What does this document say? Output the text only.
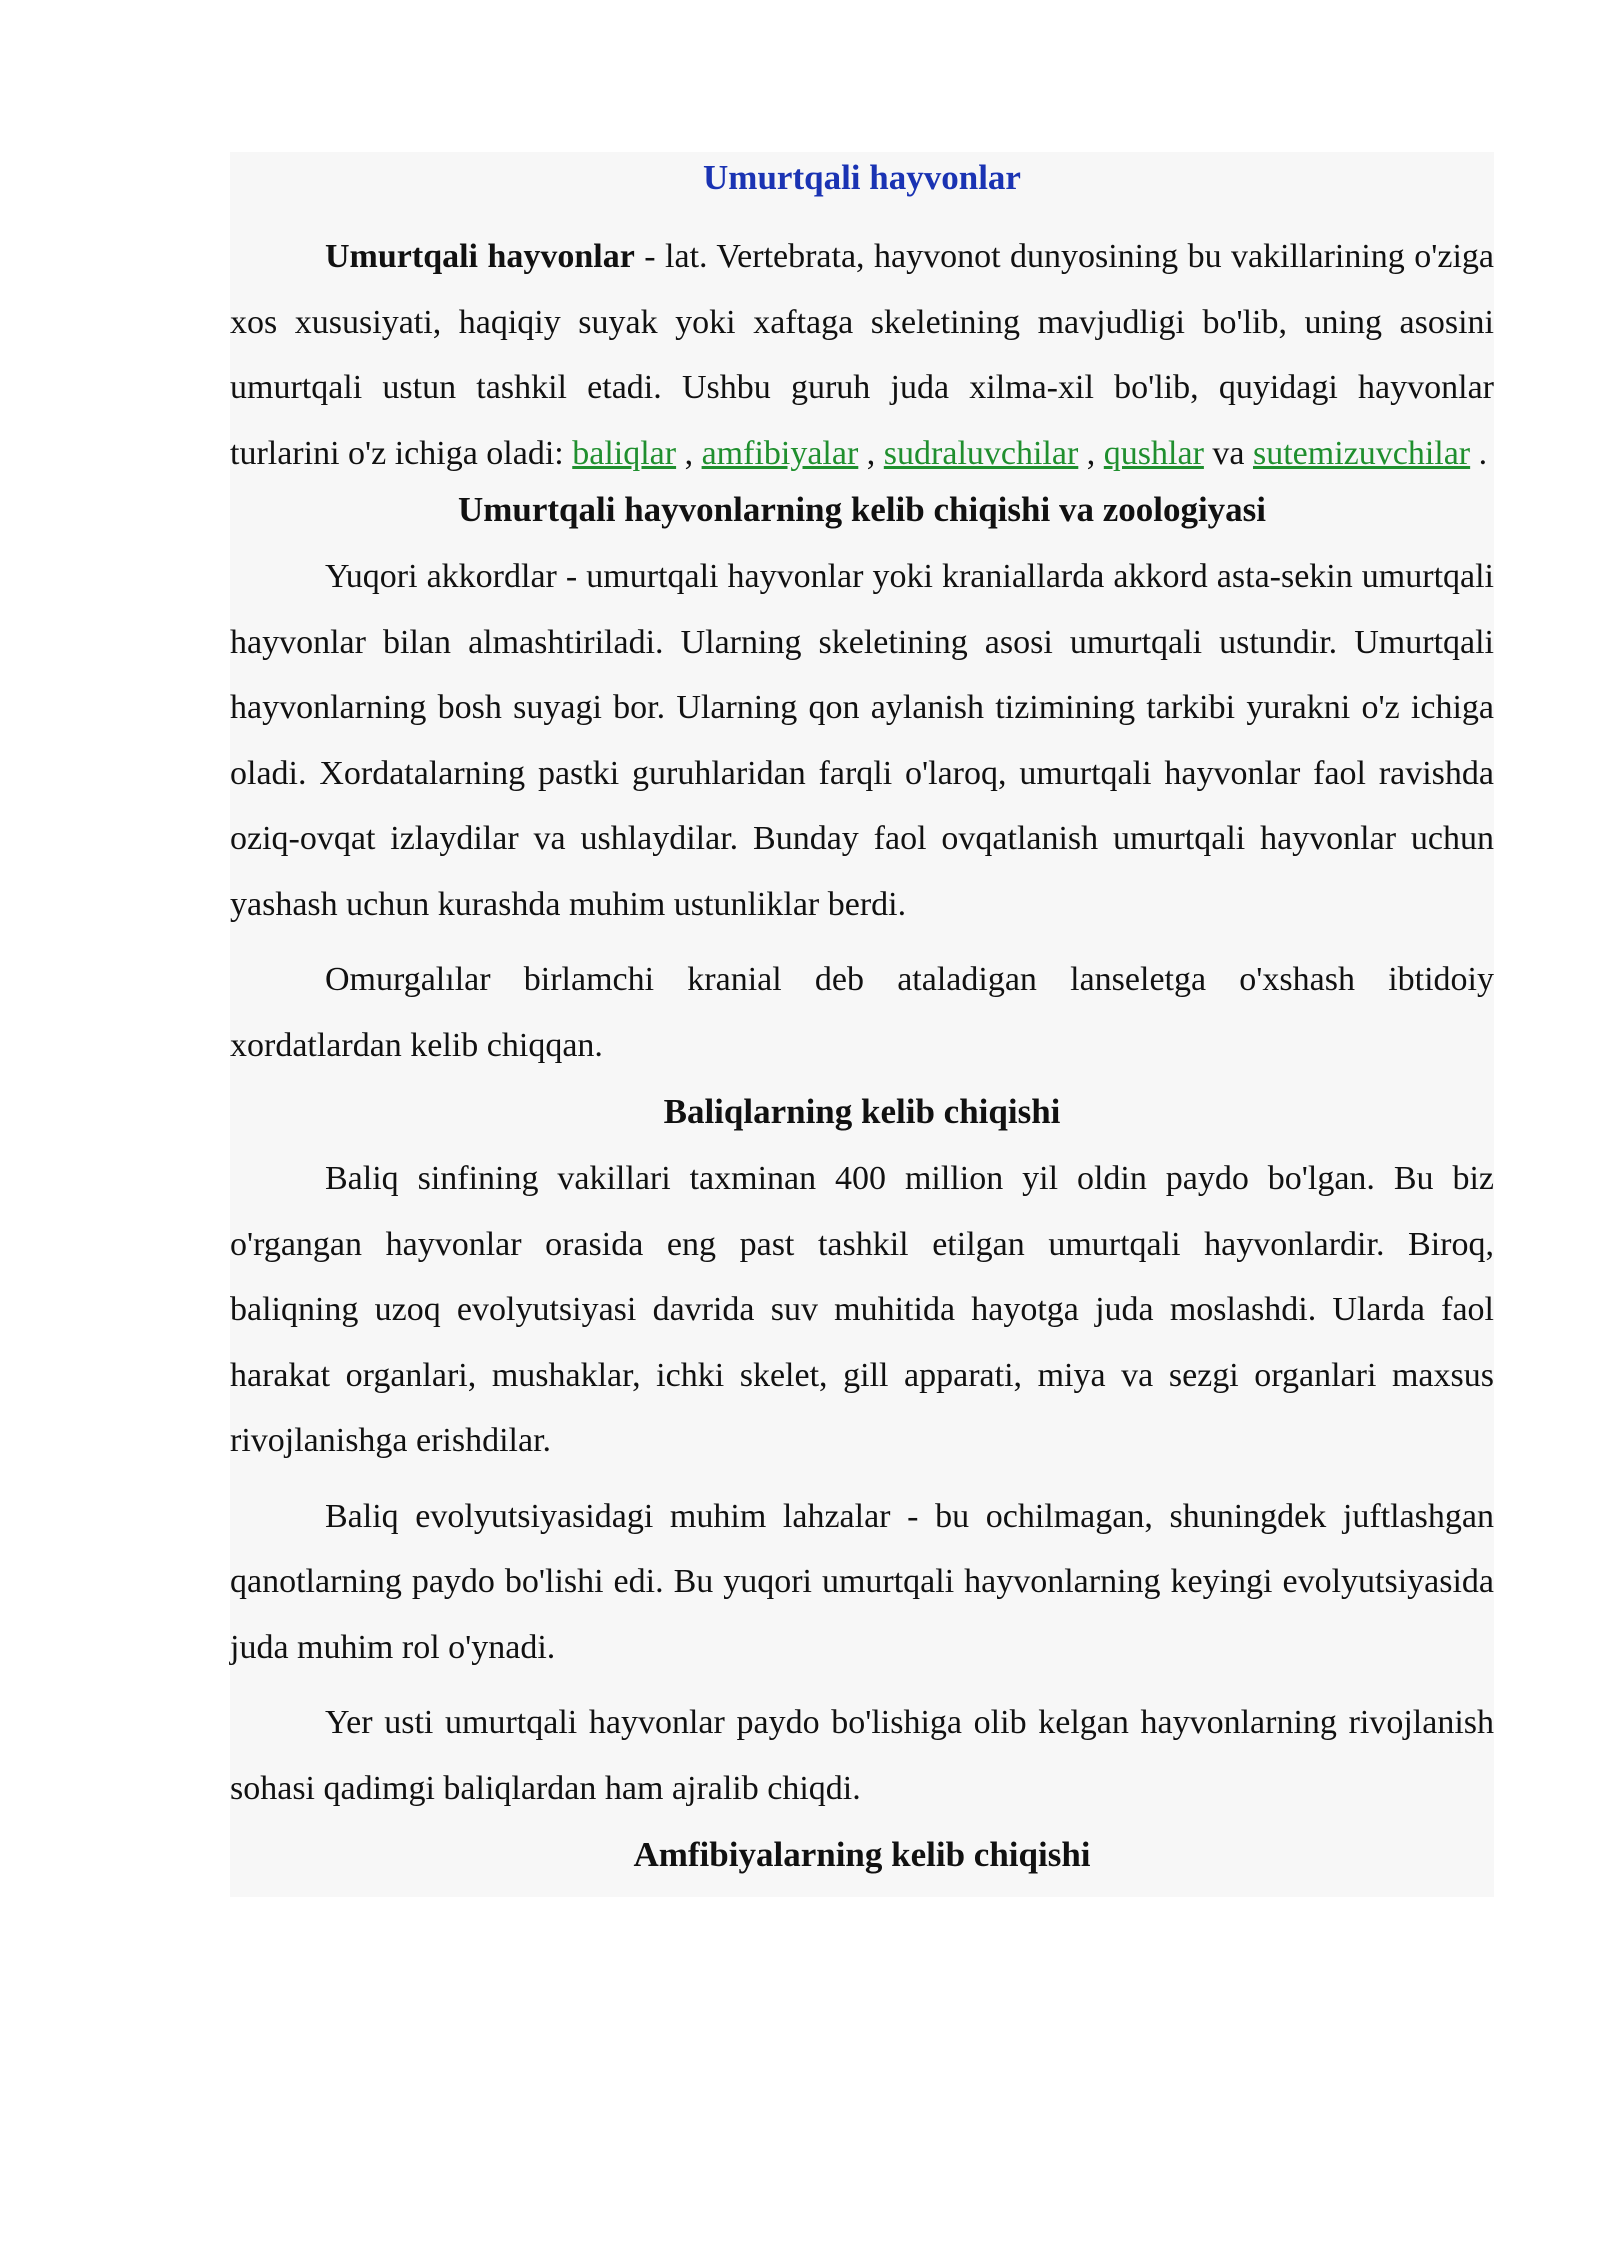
Umurtqali hayvonlar

Umurtqali hayvonlar - lat. Vertebrata, hayvonot dunyosining bu vakillarining o'ziga xos xususiyati, haqiqiy suyak yoki xaftaga skeletining mavjudligi bo'lib, uning asosini umurtqali ustun tashkil etadi. Ushbu guruh juda xilma-xil bo'lib, quyidagi hayvonlar turlarini o'z ichiga oladi: baliqlar , amfibiyalar , sudraluvchilar , qushlar va sutemizuvchilar .

Umurtqali hayvonlarning kelib chiqishi va zoologiyasi

Yuqori akkordlar - umurtqali hayvonlar yoki kraniallarda akkord asta-sekin umurtqali hayvonlar bilan almashtiriladi. Ularning skeletining asosi umurtqali ustundir. Umurtqali hayvonlarning bosh suyagi bor. Ularning qon aylanish tizimining tarkibi yurakni o'z ichiga oladi. Xordatalarning pastki guruhlaridan farqli o'laroq, umurtqali hayvonlar faol ravishda oziq-ovqat izlaydilar va ushlaydilar. Bunday faol ovqatlanish umurtqali hayvonlar uchun yashash uchun kurashda muhim ustunliklar berdi.

Omurgalılar birlamchi kranial deb ataladigan lanseletga o'xshash ibtidoiy xordatlardan kelib chiqqan.

Baliqlarning kelib chiqishi

Baliq sinfining vakillari taxminan 400 million yil oldin paydo bo'lgan. Bu biz o'rgangan hayvonlar orasida eng past tashkil etilgan umurtqali hayvonlardir. Biroq, baliqning uzoq evolyutsiyasi davrida suv muhitida hayotga juda moslashdi. Ularda faol harakat organlari, mushaklar, ichki skelet, gill apparati, miya va sezgi organlari maxsus rivojlanishga erishdilar.

Baliq evolyutsiyasidagi muhim lahzalar - bu ochilmagan, shuningdek juftlashgan qanotlarning paydo bo'lishi edi. Bu yuqori umurtqali hayvonlarning keyingi evolyutsiyasida juda muhim rol o'ynadi.

Yer usti umurtqali hayvonlar paydo bo'lishiga olib kelgan hayvonlarning rivojlanish sohasi qadimgi baliqlardan ham ajralib chiqdi.

Amfibiyalarning kelib chiqishi
